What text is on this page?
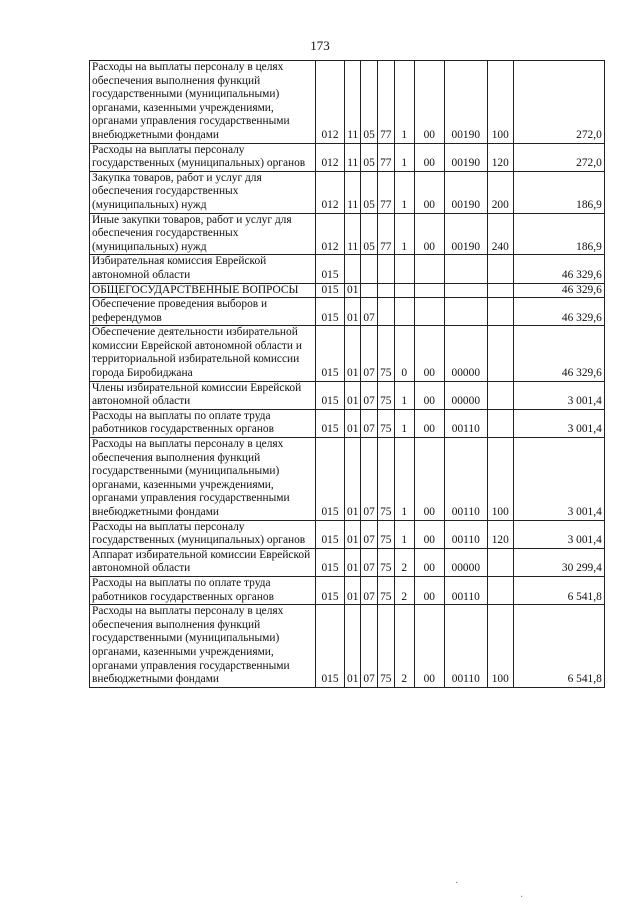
173
Расходы на выплаты персоналу в целях обеспечения выполнения функций государственными (муниципальными) органами, казенными учреждениями, органами управления государственными внебюджетными фондами	012	11	05	77	1	00	00190	100	272,0
Расходы на выплаты персоналу государственных (муниципальных) органов	012	11	05	77	1	00	00190	120	272,0
Закупка товаров, работ и услуг для обеспечения государственных (муниципальных) нужд	012	11	05	77	1	00	00190	200	186,9
Иные закупки товаров, работ и услуг для обеспечения государственных (муниципальных) нужд	012	11	05	77	1	00	00190	240	186,9
Избирательная комиссия Еврейской автономной области	015								46 329,6
ОБЩЕГОСУДАРСТВЕННЫЕ ВОПРОСЫ	015	01							46 329,6
Обеспечение проведения выборов и референдумов	015	01	07						46 329,6
Обеспечение деятельности избирательной комиссии Еврейской автономной области и территориальной избирательной комиссии города Биробиджана	015	01	07	75	0	00	00000		46 329,6
Члены избирательной комиссии Еврейской автономной области	015	01	07	75	1	00	00000		3 001,4
Расходы на выплаты по оплате труда работников государственных органов	015	01	07	75	1	00	00110		3 001,4
Расходы на выплаты персоналу в целях обеспечения выполнения функций государственными (муниципальными) органами, казенными учреждениями, органами управления государственными внебюджетными фондами	015	01	07	75	1	00	00110	100	3 001,4
Расходы на выплаты персоналу государственных (муниципальных) органов	015	01	07	75	1	00	00110	120	3 001,4
Аппарат избирательной комиссии Еврейской автономной области	015	01	07	75	2	00	00000		30 299,4
Расходы на выплаты по оплате труда работников государственных органов	015	01	07	75	2	00	00110		6 541,8
Расходы на выплаты персоналу в целях обеспечения выполнения функций государственными (муниципальными) органами, казенными учреждениями, органами управления государственными внебюджетными фондами	015	01	07	75	2	00	00110	100	6 541,8
·
·
